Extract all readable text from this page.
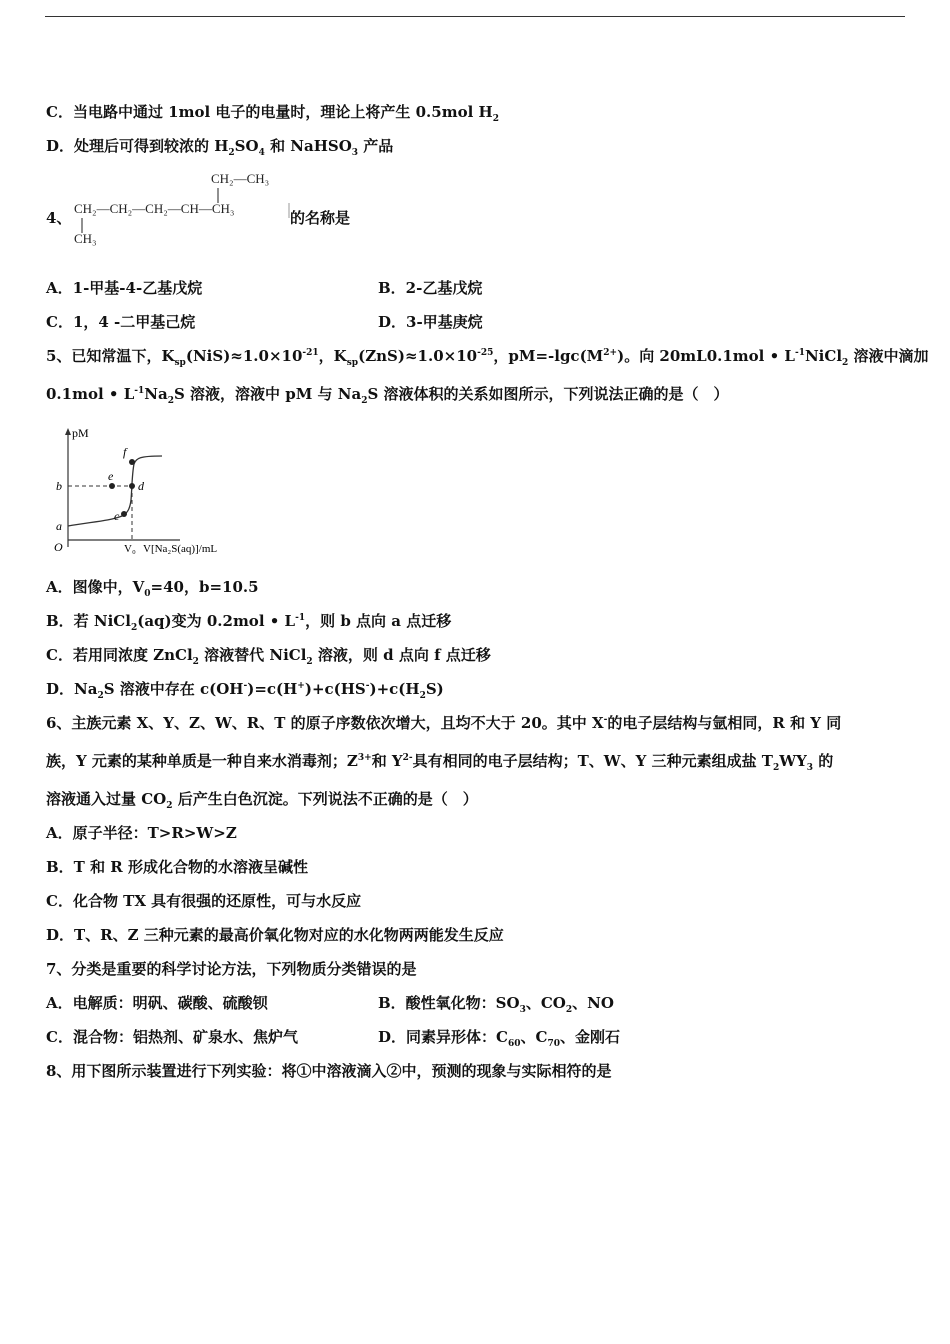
C．当电路中通过 1mol 电子的电量时，理论上将产生 0.5mol $H_2$
D．处理后可得到较浓的 $H_2SO_4$ 和 NaHSO$_3$ 产品
4、
CH₂—CH₃
CH₂—CH₂—CH₂—CH—CH₃
CH₃
的名称是
A．1-甲基-4-乙基戊烷	B．2-乙基戊烷
C．1，4 -二甲基己烷	D．3-甲基庚烷
5、已知常温下，$K_{sp}(NiS)\approx 1.0\times 10^{-21}$，$K_{sp}(ZnS)\approx 1.0\times 10^{-25}$，$pM=-\lg c(M^{2+})$。向 20mL0.1mol • $L^{-1}NiCl_2$ 溶液中滴加
0.1mol • $L^{-1}Na_2S$ 溶液，溶液中 pM 与 $Na_2S$ 溶液体积的关系如图所示，下列说法正确的是（　）
pM
O
a
b
c
d
e
f
V₀ V[Na₂S(aq)]/mL
A．图像中，$V_0=40$，b=10.5
B．若 NiCl$_2$(aq)变为 0.2mol • $L^{-1}$，则 b 点向 a 点迁移
C．若用同浓度 ZnCl$_2$ 溶液替代 NiCl$_2$ 溶液，则 d 点向 f 点迁移
D．$Na_2S$ 溶液中存在 $c(OH^-)=c(H^+)+c(HS^-)+c(H_2S)$
6、主族元素 X、Y、Z、W、R、T 的原子序数依次增大，且均不大于 20。其中 X-的电子层结构与氩相同，R 和 Y 同
族，Y 元素的某种单质是一种自来水消毒剂；$Z^{3+}$和 $Y^{2-}$具有相同的电子层结构；T、W、Y 三种元素组成盐 $T_2WY_3$ 的
溶液通入过量 $CO_2$ 后产生白色沉淀。下列说法不正确的是（　）
A．原子半径：T>R>W>Z
B．T 和 R 形成化合物的水溶液呈碱性
C．化合物 TX 具有很强的还原性，可与水反应
D．T、R、Z 三种元素的最高价氧化物对应的水化物两两能发生反应
7、分类是重要的科学讨论方法，下列物质分类错误的是
A．电解质：明矾、碳酸、硫酸钡	B．酸性氧化物：$SO_3$、$CO_2$、NO
C．混合物：铝热剂、矿泉水、焦炉气	D．同素异形体：$C_{60}$、$C_{70}$、金刚石
8、用下图所示装置进行下列实验：将①中溶液滴入②中，预测的现象与实际相符的是
